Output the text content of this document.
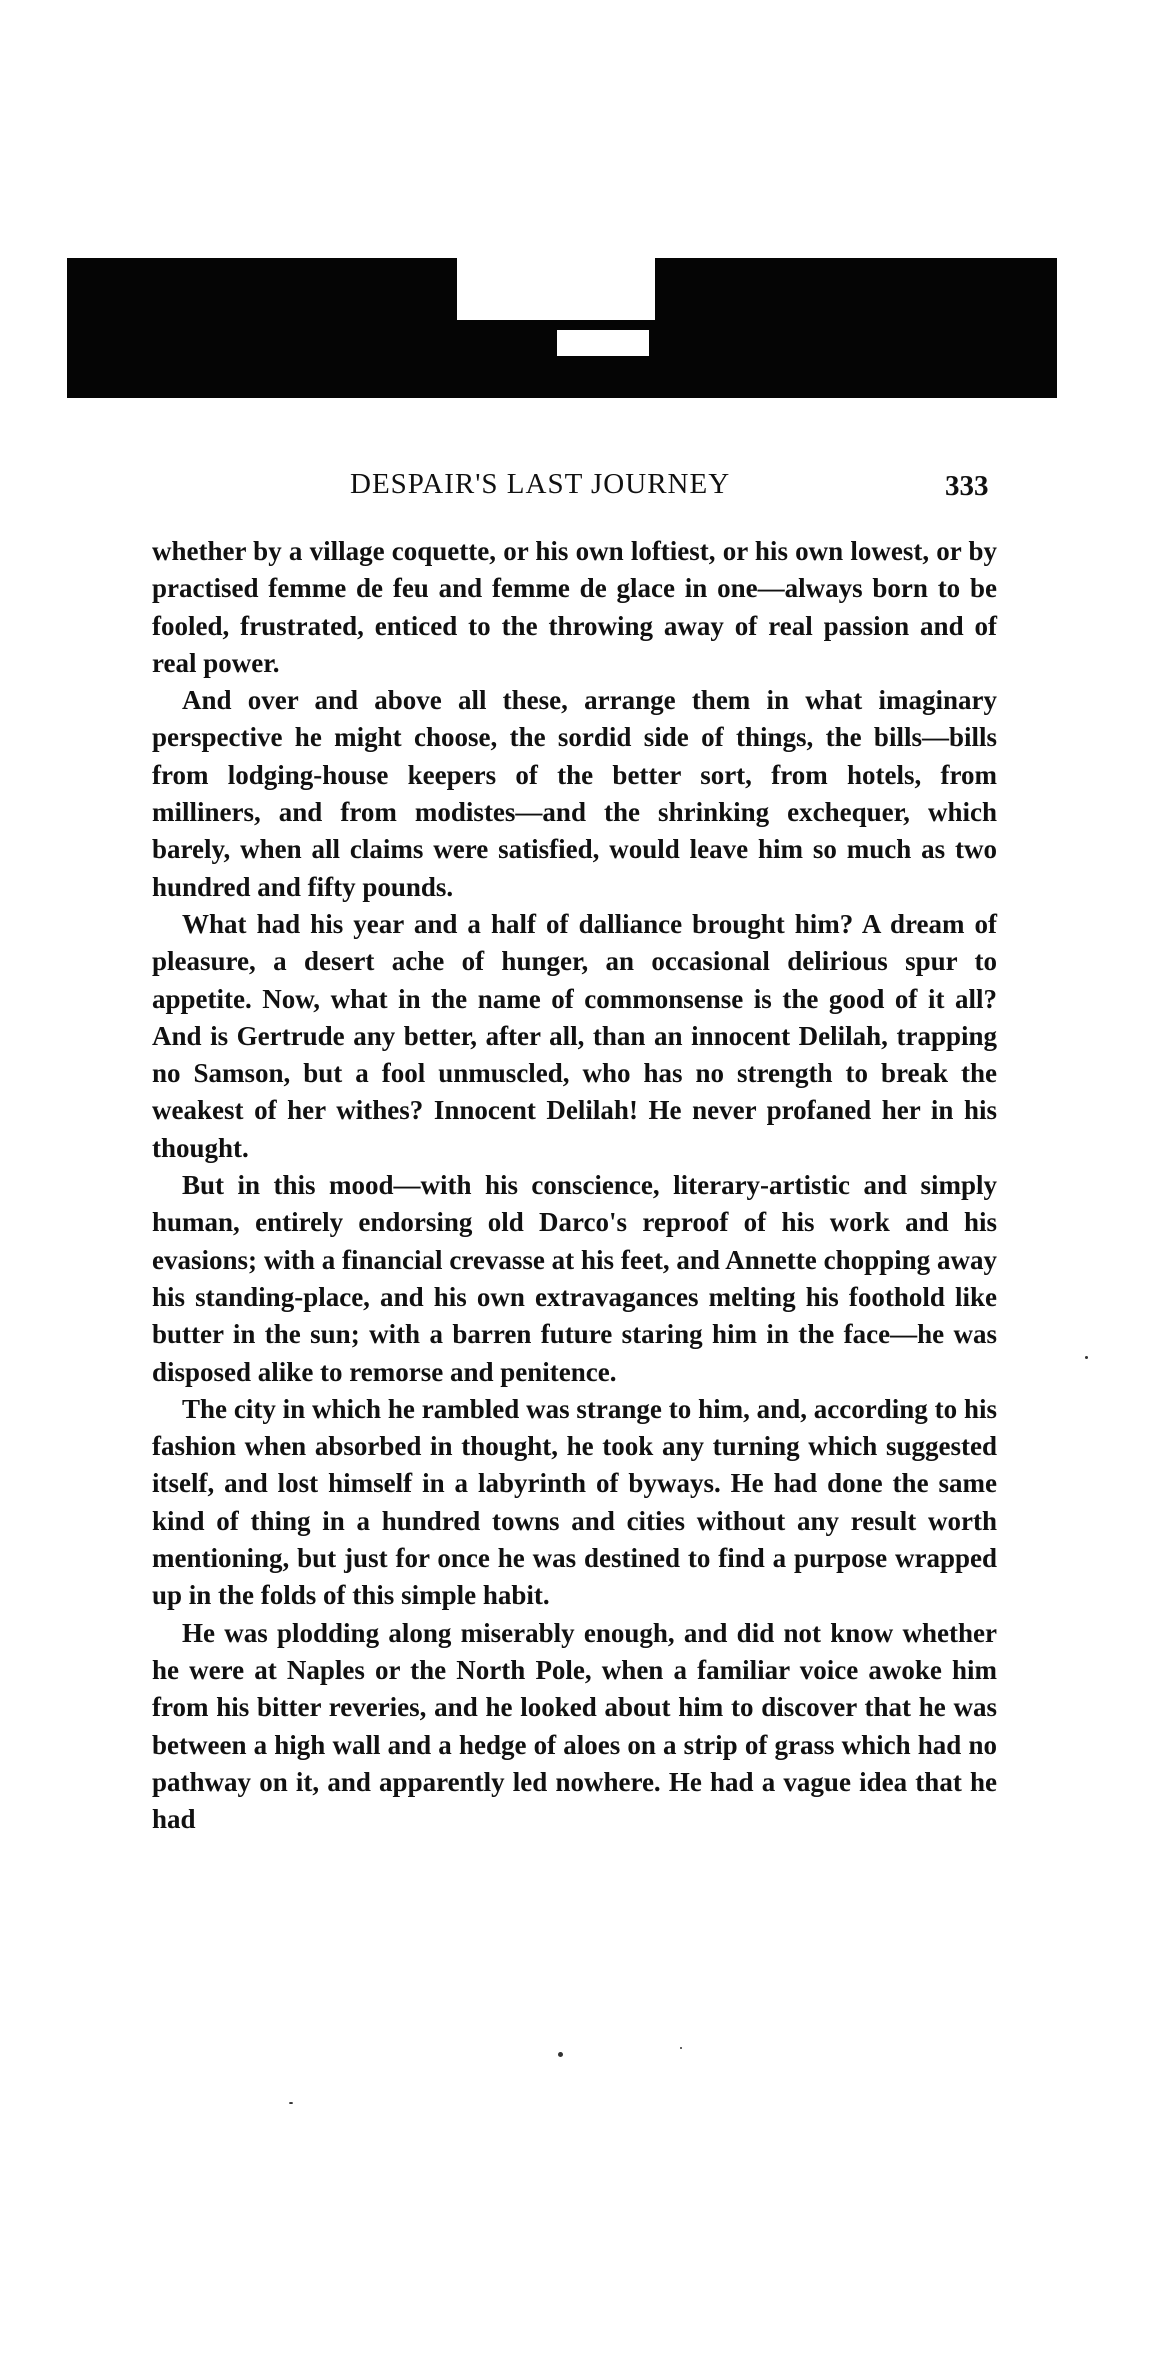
DESPAIR'S LAST JOURNEY	333

whether by a village coquette, or his own loftiest, or his own lowest, or by practised femme de feu and femme de glace in one—always born to be fooled, frustrated, enticed to the throwing away of real passion and of real power.

And over and above all these, arrange them in what imaginary perspective he might choose, the sordid side of things, the bills—bills from lodging-house keepers of the better sort, from hotels, from milliners, and from modistes—and the shrinking exchequer, which barely, when all claims were satisfied, would leave him so much as two hundred and fifty pounds.

What had his year and a half of dalliance brought him? A dream of pleasure, a desert ache of hunger, an occasional delirious spur to appetite. Now, what in the name of commonsense is the good of it all? And is Gertrude any better, after all, than an innocent Delilah, trapping no Samson, but a fool unmuscled, who has no strength to break the weakest of her withes? Innocent Delilah! He never profaned her in his thought.

But in this mood—with his conscience, literary-artistic and simply human, entirely endorsing old Darco's reproof of his work and his evasions; with a financial crevasse at his feet, and Annette chopping away his standing-place, and his own extravagances melting his foothold like butter in the sun; with a barren future staring him in the face—he was disposed alike to remorse and penitence.

The city in which he rambled was strange to him, and, according to his fashion when absorbed in thought, he took any turning which suggested itself, and lost himself in a labyrinth of byways. He had done the same kind of thing in a hundred towns and cities without any result worth mentioning, but just for once he was destined to find a purpose wrapped up in the folds of this simple habit.

He was plodding along miserably enough, and did not know whether he were at Naples or the North Pole, when a familiar voice awoke him from his bitter reveries, and he looked about him to discover that he was between a high wall and a hedge of aloes on a strip of grass which had no pathway on it, and apparently led nowhere. He had a vague idea that he had
